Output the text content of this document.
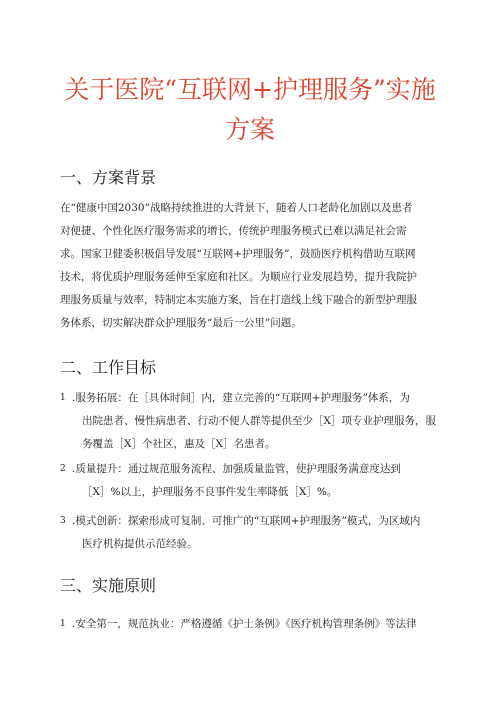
关于医院“互联网+护理服务”实施
方案
一、方案背景
在“健康中国2030”战略持续推进的大背景下，随着人口老龄化加剧以及患者
对便捷、个性化医疗服务需求的增长，传统护理服务模式已难以满足社会需
求。国家卫健委积极倡导发展“互联网+护理服务”，鼓励医疗机构借助互联网
技术，将优质护理服务延伸至家庭和社区。为顺应行业发展趋势，提升我院护
理服务质量与效率，特制定本实施方案，旨在打造线上线下融合的新型护理服
务体系，切实解决群众护理服务“最后一公里”问题。
二、工作目标
1 .服务拓展：在［具体时间］内，建立完善的“互联网+护理服务”体系，为
出院患者、慢性病患者、行动不便人群等提供至少［X］项专业护理服务，服
务覆盖［X］个社区，惠及［X］名患者。
2 .质量提升：通过规范服务流程、加强质量监管，使护理服务满意度达到
［X］%以上，护理服务不良事件发生率降低［X］%。
3 .模式创新：探索形成可复制、可推广的“互联网+护理服务”模式，为区域内
医疗机构提供示范经验。
三、实施原则
1 .安全第一，规范执业：严格遵循《护士条例》《医疗机构管理条例》等法律
